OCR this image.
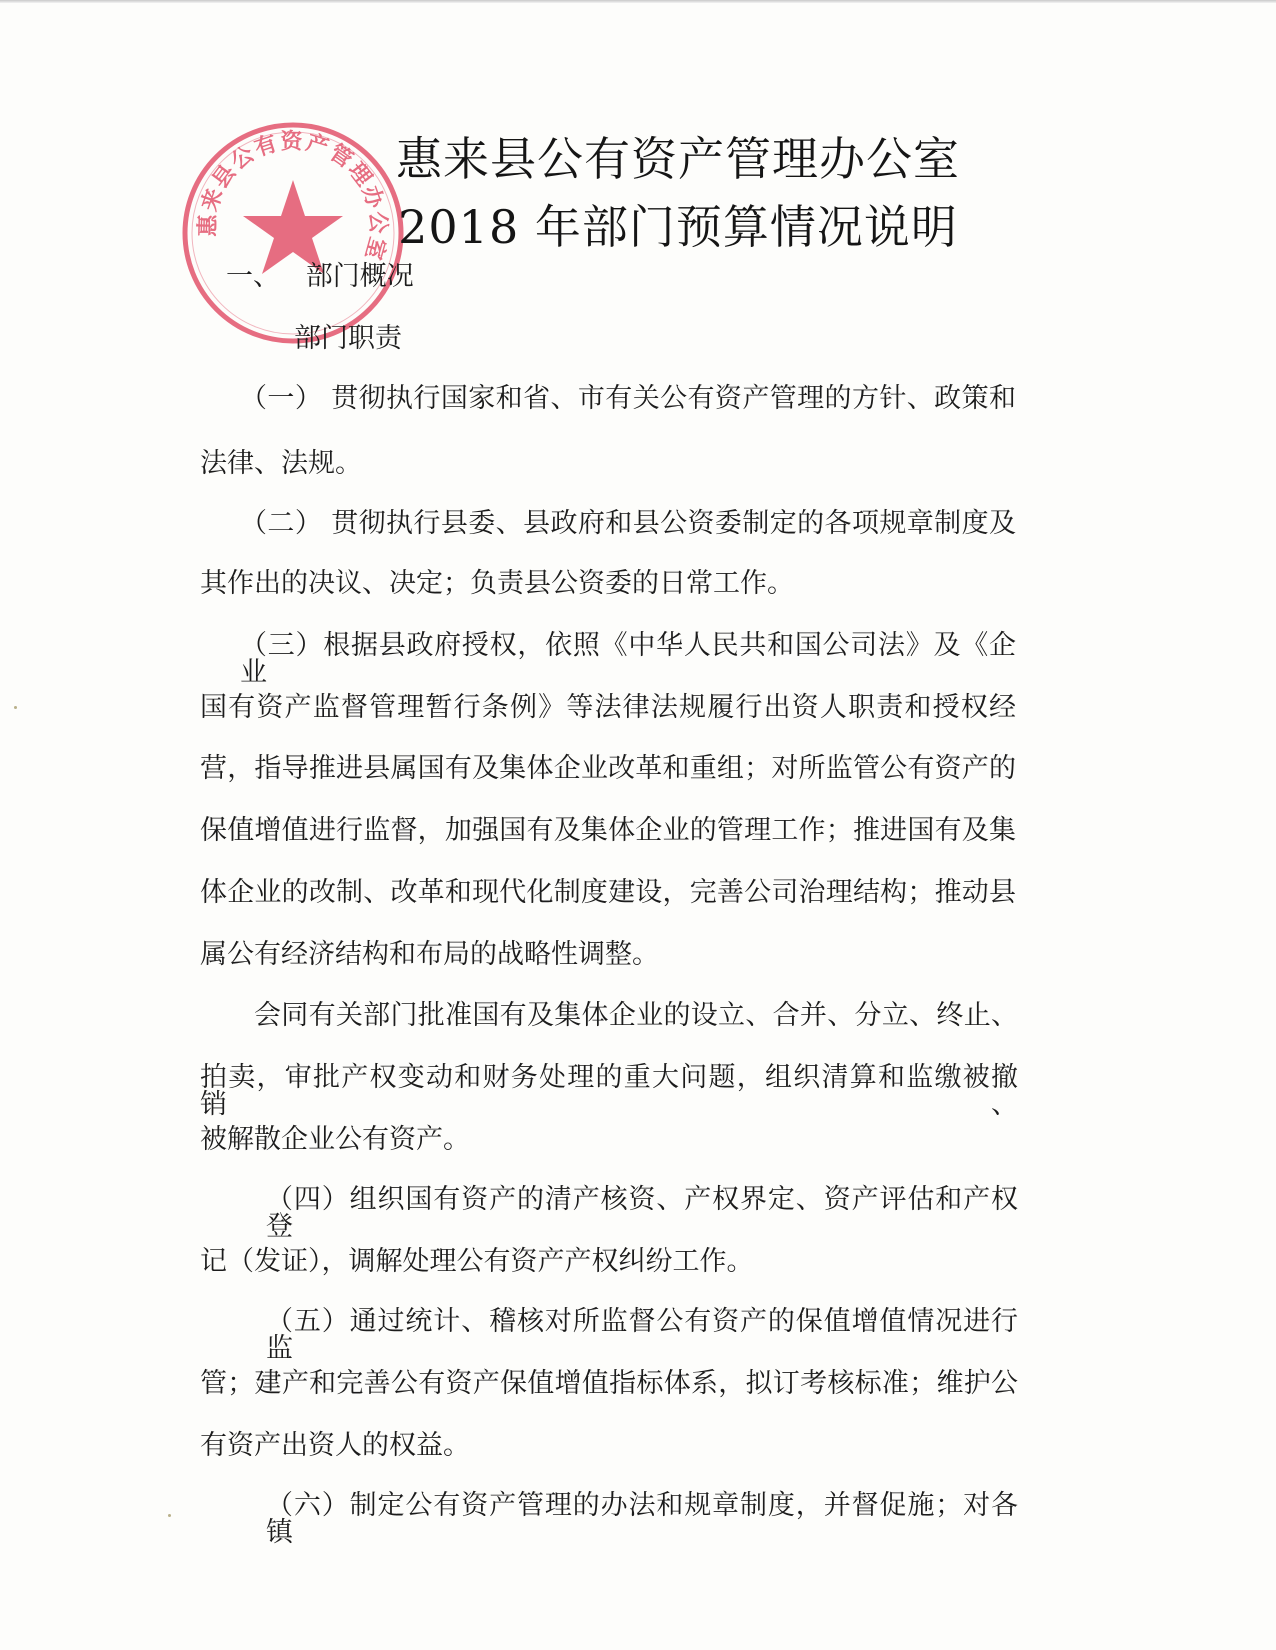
惠来县公有资产管理办公室

惠来县公有资产管理办公室
2018 年部门预算情况说明
一、   部门概况
部门职责
（一） 贯彻执行国家和省、市有关公有资产管理的方针、政策和
法律、法规。
（二） 贯彻执行县委、县政府和县公资委制定的各项规章制度及
其作出的决议、决定；负责县公资委的日常工作。
（三）根据县政府授权，依照《中华人民共和国公司法》及《企业
国有资产监督管理暂行条例》等法律法规履行出资人职责和授权经
营，指导推进县属国有及集体企业改革和重组；对所监管公有资产的
保值增值进行监督，加强国有及集体企业的管理工作；推进国有及集
体企业的改制、改革和现代化制度建设，完善公司治理结构；推动县
属公有经济结构和布局的战略性调整。
会同有关部门批准国有及集体企业的设立、合并、分立、终止、
拍卖，审批产权变动和财务处理的重大问题，组织清算和监缴被撤销、
被解散企业公有资产。
（四）组织国有资产的清产核资、产权界定、资产评估和产权登
记（发证），调解处理公有资产产权纠纷工作。
（五）通过统计、稽核对所监督公有资产的保值增值情况进行监
管；建产和完善公有资产保值增值指标体系，拟订考核标准；维护公
有资产出资人的权益。
（六）制定公有资产管理的办法和规章制度，并督促施；对各镇
